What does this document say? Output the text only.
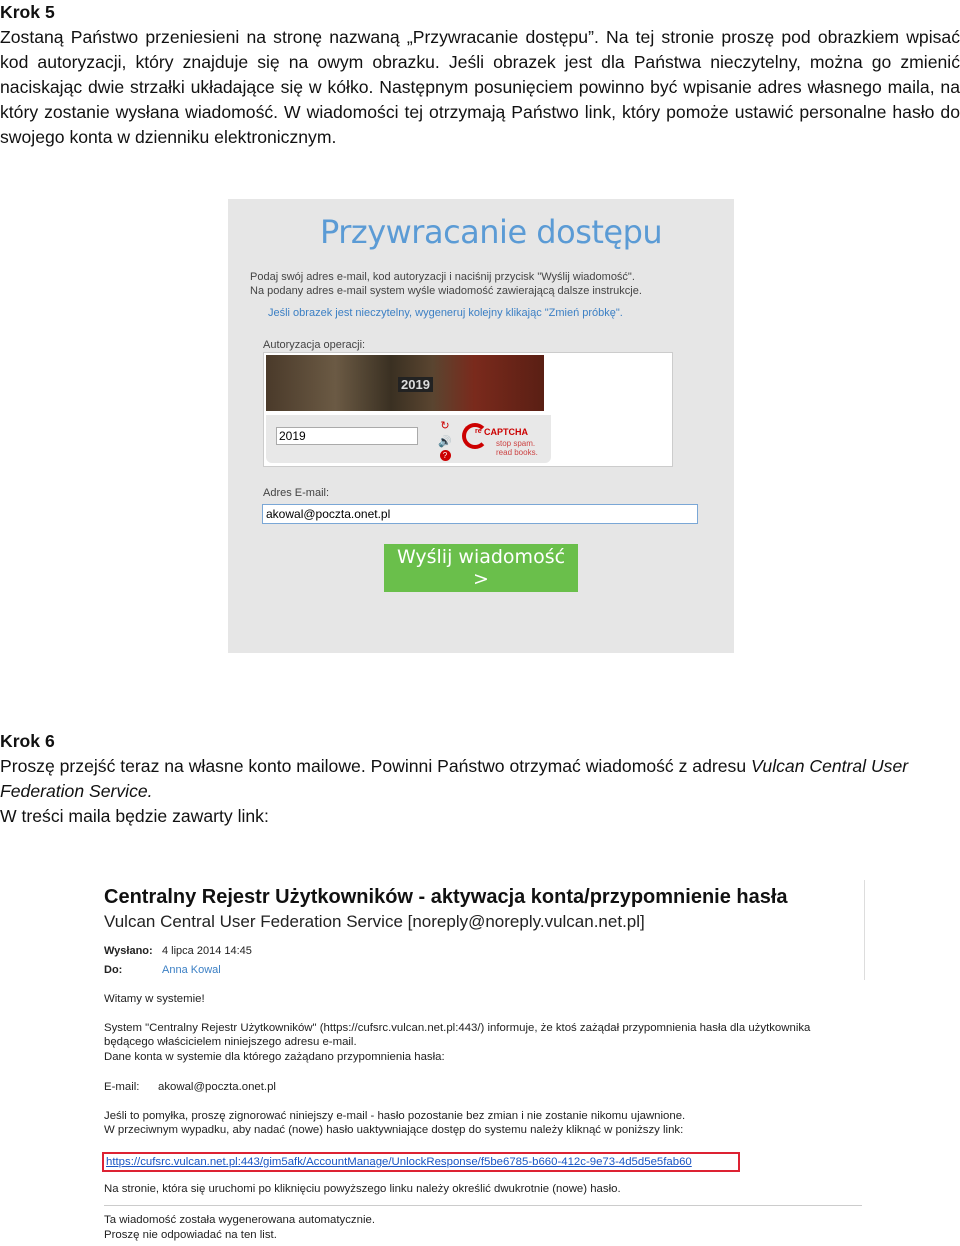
Krok 5

Zostaną Państwo przeniesieni na stronę nazwaną „Przywracanie dostępu”. Na tej stronie proszę pod obrazkiem wpisać kod autoryzacji, który znajduje się na owym obrazku. Jeśli obrazek jest dla Państwa nieczytelny, można go zmienić naciskając dwie strzałki układające się w kółko. Następnym posunięciem powinno być wpisanie adres własnego maila, na który zostanie wysłana wiadomość. W wiadomości tej otrzymają Państwo link, który pomoże ustawić personalne hasło do swojego konta w dzienniku elektronicznym.

Przywracanie dostępu
Podaj swój adres e-mail, kod autoryzacji i naciśnij przycisk "Wyślij wiadomość".
Na podany adres e-mail system wyśle wiadomość zawierającą dalsze instrukcje.
Jeśli obrazek jest nieczytelny, wygeneruj kolejny klikając "Zmień próbkę".
Autoryzacja operacji:
2019
2019
↻
🔊
?
re CAPTCHA
stop spam.
read books.
Adres E-mail:
akowal@poczta.onet.pl
Wyślij wiadomość >

Krok 6

Proszę przejść teraz na własne konto mailowe. Powinni Państwo otrzymać wiadomość z adresu Vulcan Central User Federation Service.

W treści maila będzie zawarty link:

Centralny Rejestr Użytkowników - aktywacja konta/przypomnienie hasła
Vulcan Central User Federation Service [noreply@noreply.vulcan.net.pl]
Wysłano: 4 lipca 2014 14:45
Do:	Anna Kowal
Witamy w systemie!
System "Centralny Rejestr Użytkowników" (https://cufsrc.vulcan.net.pl:443/) informuje, że ktoś zażądał przypomnienia hasła dla użytkownika
będącego właścicielem niniejszego adresu e-mail.
Dane konta w systemie dla którego zażądano przypomnienia hasła:
E-mail: akowal@poczta.onet.pl
Jeśli to pomyłka, proszę zignorować niniejszy e-mail - hasło pozostanie bez zmian i nie zostanie nikomu ujawnione.
W przeciwnym wypadku, aby nadać (nowe) hasło uaktywniające dostęp do systemu należy kliknąć w poniższy link:
https://cufsrc.vulcan.net.pl:443/gim5afk/AccountManage/UnlockResponse/f5be6785-b660-412c-9e73-4d5d5e5fab60
Na stronie, która się uruchomi po kliknięciu powyższego linku należy określić dwukrotnie (nowe) hasło.
Ta wiadomość została wygenerowana automatycznie.
Proszę nie odpowiadać na ten list.
